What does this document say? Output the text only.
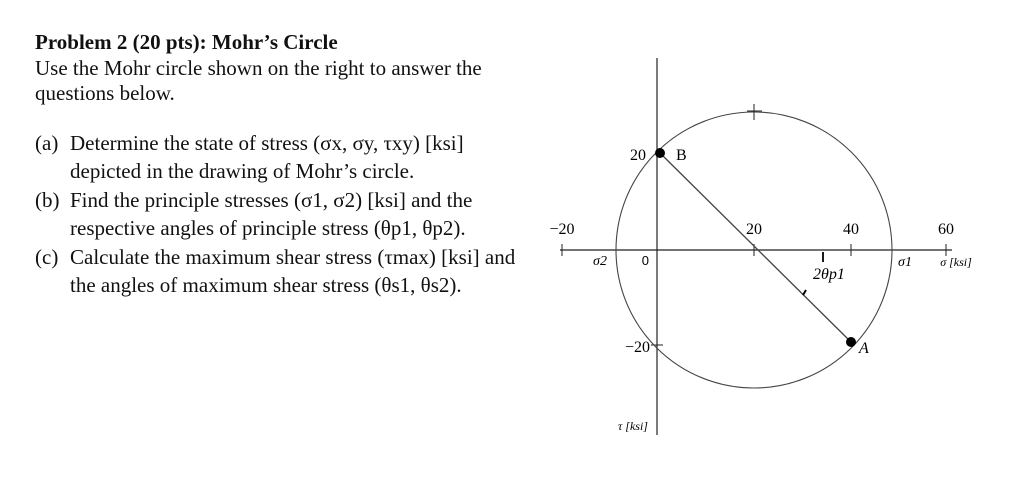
Problem 2 (20 pts): Mohr’s Circle
Use the Mohr circle shown on the right to answer the questions below.
(a) Determine the state of stress (σx, σy, τxy) [ksi]
depicted in the drawing of Mohr’s circle.
(b) Find the principle stresses (σ1, σ2) [ksi] and the
respective angles of principle stress (θp1, θp2).
(c) Calculate the maximum shear stress (τmax) [ksi] and
the angles of maximum shear stress (θs1, θs2).
−20	20	40	60
20
0
−20
B
A
σ2	σ1 σ [ksi]
τ [ksi]
2θp1
